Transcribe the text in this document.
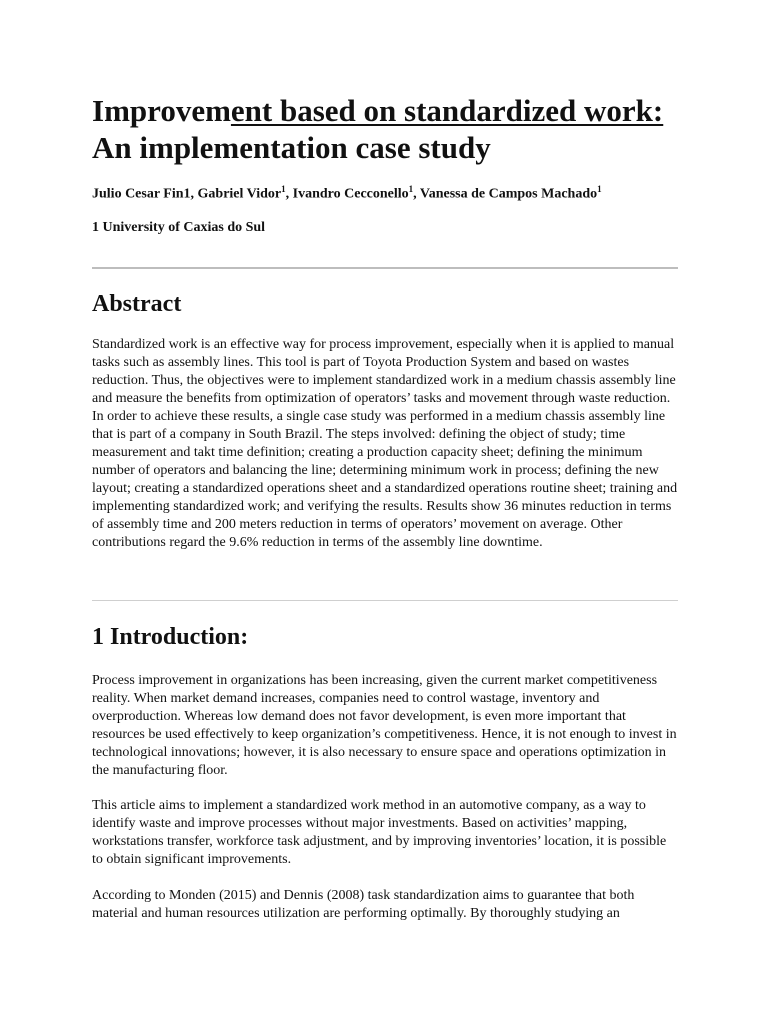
Improvement based on standardized work:
An implementation case study
Julio Cesar Fin1, Gabriel Vidor$^1$, Ivandro Cecconello$^1$, Vanessa de Campos Machado$^1$
1 University of Caxias do Sul
Abstract

Standardized work is an effective way for process improvement, especially when it is applied to manual tasks such as assembly lines. This tool is part of Toyota Production System and based on wastes reduction. Thus, the objectives were to implement standardized work in a medium chassis assembly line and measure the benefits from optimization of operators’ tasks and movement through waste reduction. In order to achieve these results, a single case study was performed in a medium chassis assembly line that is part of a company in South Brazil. The steps involved: defining the object of study; time measurement and takt time definition; creating a production capacity sheet; defining the minimum number of operators and balancing the line; determining minimum work in process; defining the new layout; creating a standardized operations sheet and a standardized operations routine sheet; training and implementing standardized work; and verifying the results. Results show 36 minutes reduction in terms of assembly time and 200 meters reduction in terms of operators’ movement on average. Other contributions regard the 9.6% reduction in terms of the assembly line downtime.

1 Introduction:

Process improvement in organizations has been increasing, given the current market competitiveness reality. When market demand increases, companies need to control wastage, inventory and overproduction. Whereas low demand does not favor development, is even more important that resources be used effectively to keep organization’s competitiveness. Hence, it is not enough to invest in technological innovations; however, it is also necessary to ensure space and operations optimization in the manufacturing floor.

This article aims to implement a standardized work method in an automotive company, as a way to identify waste and improve processes without major investments. Based on activities’ mapping, workstations transfer, workforce task adjustment, and by improving inventories’ location, it is possible to obtain significant improvements.

According to Monden (2015) and Dennis (2008) task standardization aims to guarantee that both material and human resources utilization are performing optimally. By thoroughly studying an
